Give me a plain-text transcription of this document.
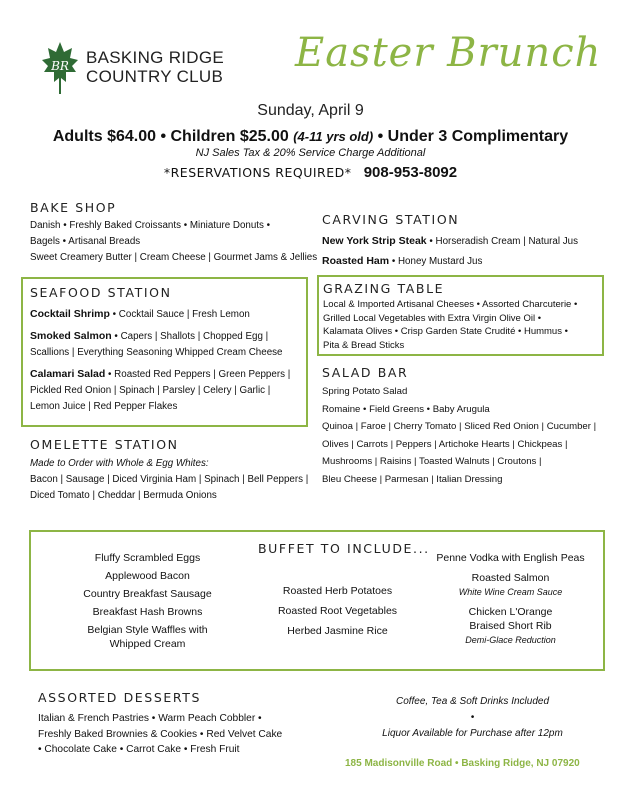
BR BASKING RIDGE
COUNTRY CLUB
Easter Brunch
Sunday, April 9
Adults $64.00 • Children $25.00 (4-11 yrs old) • Under 3 Complimentary
NJ Sales Tax & 20% Service Charge Additional
*RESERVATIONS REQUIRED* 908-953-8092
BAKE SHOP
Danish • Freshly Baked Croissants • Miniature Donuts •
Bagels • Artisanal Breads
Sweet Creamery Butter | Cream Cheese | Gourmet Jams & Jellies
SEAFOOD STATION
Cocktail Shrimp • Cocktail Sauce | Fresh Lemon
Smoked Salmon • Capers | Shallots | Chopped Egg |
Scallions | Everything Seasoning Whipped Cream Cheese
Calamari Salad • Roasted Red Peppers | Green Peppers |
Pickled Red Onion | Spinach | Parsley | Celery | Garlic |
Lemon Juice | Red Pepper Flakes
OMELETTE STATION
Made to Order with Whole & Egg Whites:
Bacon | Sausage | Diced Virginia Ham | Spinach | Bell Peppers |
Diced Tomato | Cheddar | Bermuda Onions
CARVING STATION
New York Strip Steak • Horseradish Cream | Natural Jus
Roasted Ham • Honey Mustard Jus
GRAZING TABLE
Local & Imported Artisanal Cheeses • Assorted Charcuterie •
Grilled Local Vegetables with Extra Virgin Olive Oil •
Kalamata Olives • Crisp Garden State Crudité • Hummus •
Pita & Bread Sticks
SALAD BAR
Spring Potato Salad
Romaine • Field Greens • Baby Arugula
Quinoa | Faroe | Cherry Tomato | Sliced Red Onion | Cucumber |
Olives | Carrots | Peppers | Artichoke Hearts | Chickpeas |
Mushrooms | Raisins | Toasted Walnuts | Croutons |
Bleu Cheese | Parmesan | Italian Dressing
BUFFET TO INCLUDE...

Fluffy Scrambled Eggs

Applewood Bacon

Country Breakfast Sausage

Breakfast Hash Browns

Belgian Style Waffles with

Whipped Cream

Roasted Herb Potatoes

Roasted Root Vegetables

Herbed Jasmine Rice

Penne Vodka with English Peas

Roasted Salmon

White Wine Cream Sauce

Chicken L'Orange

Braised Short Rib

Demi-Glace Reduction

ASSORTED DESSERTS
Italian & French Pastries • Warm Peach Cobbler •
Freshly Baked Brownies & Cookies • Red Velvet Cake
• Chocolate Cake • Carrot Cake • Fresh Fruit
Coffee, Tea & Soft Drinks Included
•
Liquor Available for Purchase after 12pm
185 Madisonville Road • Basking Ridge, NJ 07920
